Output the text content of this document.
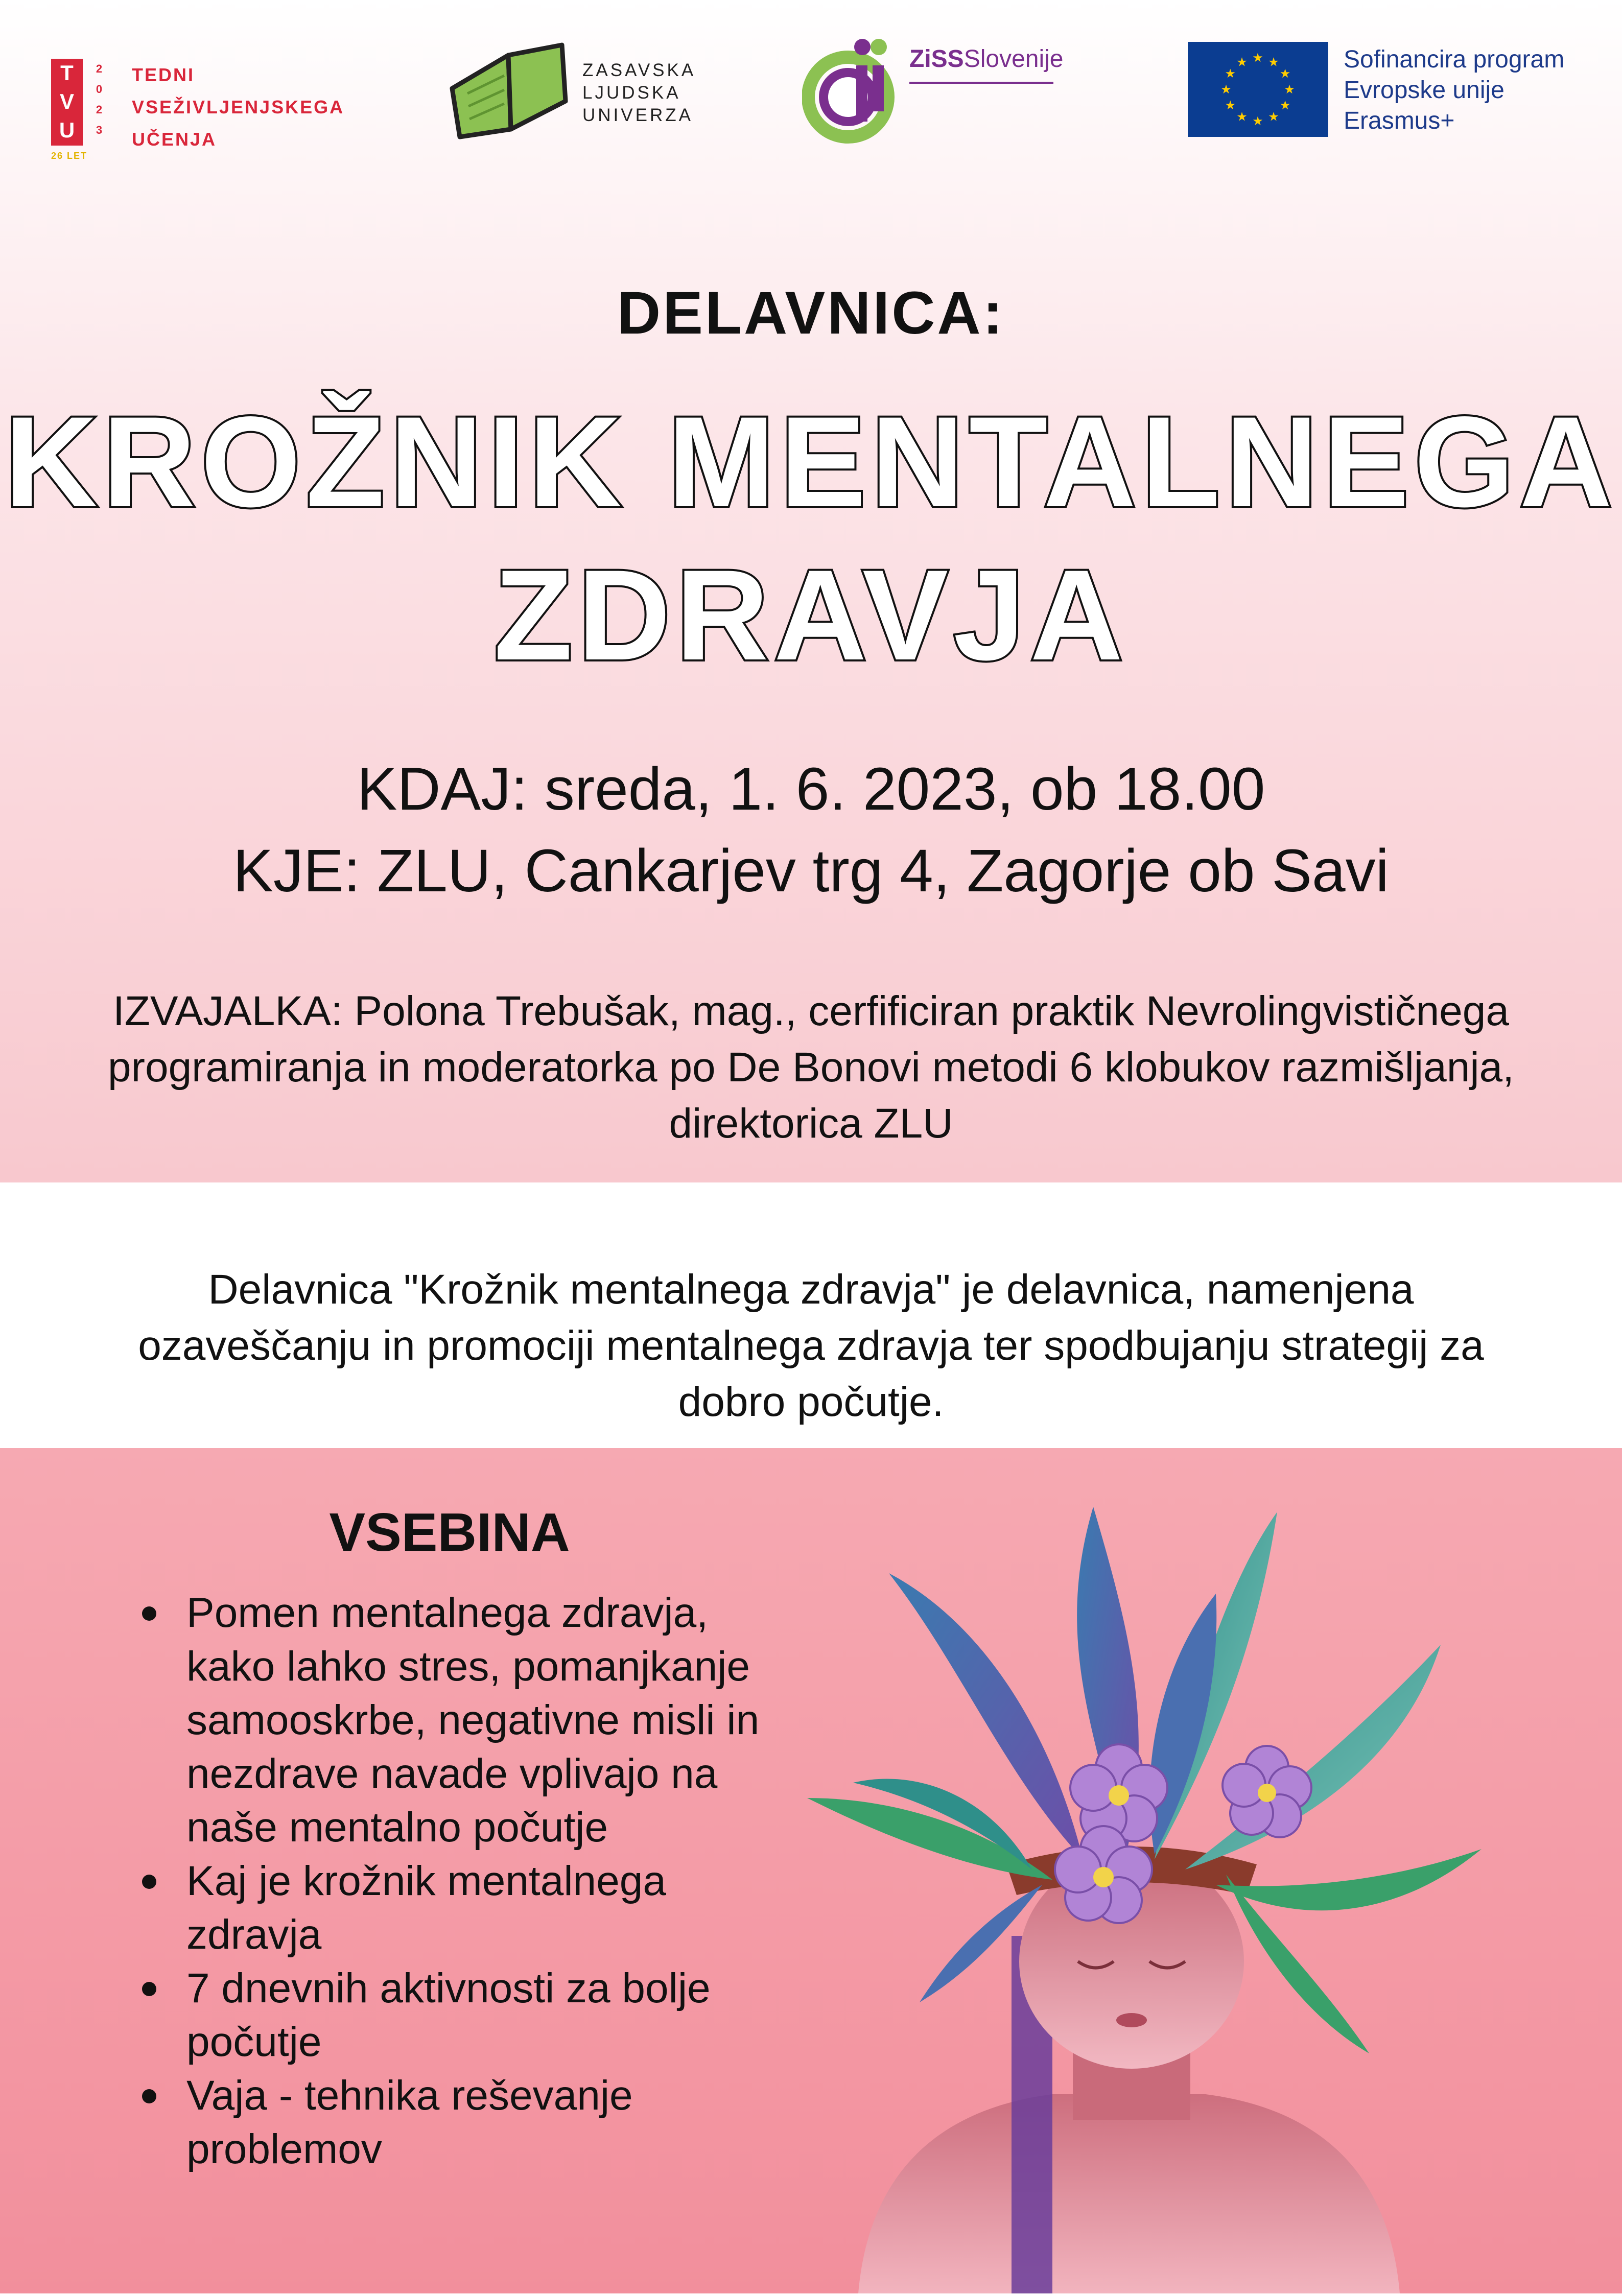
T
V
U
2
0
2
3
26 LET
TEDNI
VSEŽIVLJENJSKEGA
UČENJA
ZASAVSKA
LJUDSKA
UNIVERZA
ZiSSSlovenije	★ ★
★
★
★
★
★
★
★
★
★
★	Sofinancira program
Evropske unije
Erasmus+
DELAVNICA:
KROŽNIK MENTALNEGA
ZDRAVJA
KDAJ: sreda, 1. 6. 2023, ob 18.00
KJE: ZLU, Cankarjev trg 4, Zagorje ob Savi
IZVAJALKA: Polona Trebušak, mag., cerfificiran praktik Nevrolingvističnega programiranja in moderatorka po De Bonovi metodi 6 klobukov razmišljanja, direktorica ZLU
Delavnica "Krožnik mentalnega zdravja" je delavnica, namenjena ozaveščanju in promociji mentalnega zdravja ter spodbujanju strategij za dobro počutje.
VSEBINA
Pomen mentalnega zdravja, kako lahko stres, pomanjkanje samooskrbe, negativne misli in nezdrave navade vplivajo na naše mentalno počutje
Kaj je krožnik mentalnega zdravja
7 dnevnih aktivnosti za bolje počutje
Vaja - tehnika reševanje problemov
